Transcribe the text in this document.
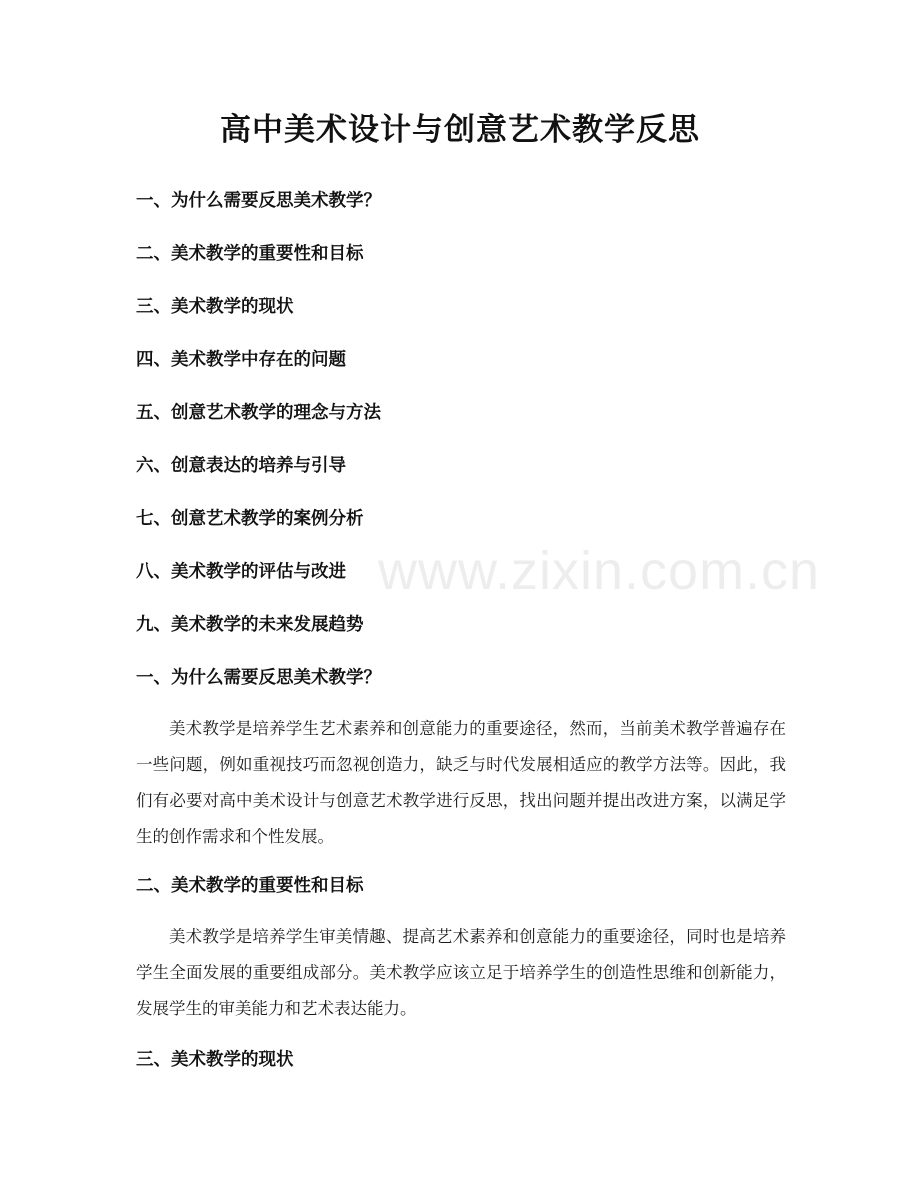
高中美术设计与创意艺术教学反思
一、为什么需要反思美术教学？
二、美术教学的重要性和目标
三、美术教学的现状
四、美术教学中存在的问题
五、创意艺术教学的理念与方法
六、创意表达的培养与引导
七、创意艺术教学的案例分析
八、美术教学的评估与改进
九、美术教学的未来发展趋势
一、为什么需要反思美术教学？

美术教学是培养学生艺术素养和创意能力的重要途径，然而，当前美术教学普遍存在一些问题，例如重视技巧而忽视创造力，缺乏与时代发展相适应的教学方法等。因此，我们有必要对高中美术设计与创意艺术教学进行反思，找出问题并提出改进方案，以满足学生的创作需求和个性发展。

二、美术教学的重要性和目标

美术教学是培养学生审美情趣、提高艺术素养和创意能力的重要途径，同时也是培养学生全面发展的重要组成部分。美术教学应该立足于培养学生的创造性思维和创新能力，发展学生的审美能力和艺术表达能力。

三、美术教学的现状
www.zixin.com.cn
